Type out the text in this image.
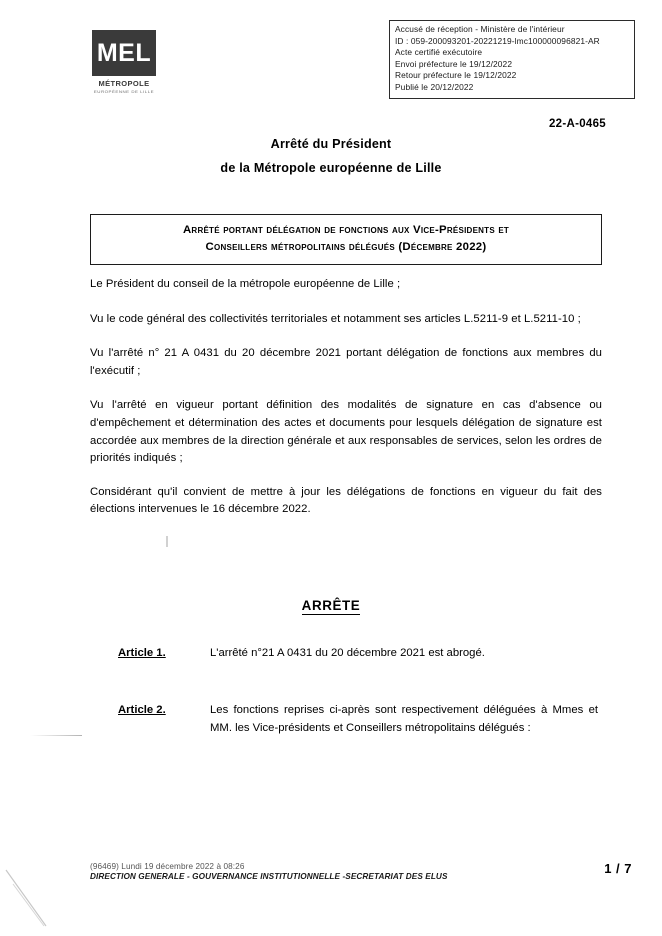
MEL
MÉTROPOLE
EUROPÉENNE DE LILLE
Accusé de réception - Ministère de l'intérieur
ID : 059-200093201-20221219-lmc100000096821-AR
Acte certifié exécutoire
Envoi préfecture le 19/12/2022
Retour préfecture le 19/12/2022
Publié le 20/12/2022
22-A-0465
Arrêté du Président
de la Métropole européenne de Lille
Arrêté portant délégation de fonctions aux Vice-Présidents et
Conseillers métropolitains délégués (Décembre 2022)

Le Président du conseil de la métropole européenne de Lille ;

Vu le code général des collectivités territoriales et notamment ses articles L.5211-9 et L.5211-10 ;

Vu l'arrêté n° 21 A 0431 du 20 décembre 2021 portant délégation de fonctions aux membres du l'exécutif ;

Vu l'arrêté en vigueur portant définition des modalités de signature en cas d'absence ou d'empêchement et détermination des actes et documents pour lesquels délégation de signature est accordée aux membres de la direction générale et aux responsables de services, selon les ordres de priorités indiqués ;

Considérant qu'il convient de mettre à jour les délégations de fonctions en vigueur du fait des élections intervenues le 16 décembre 2022.

ARRÊTE
Article 1.	L'arrêté n°21 A 0431 du 20 décembre 2021 est abrogé.
Article 2.	Les fonctions reprises ci-après sont respectivement déléguées à Mmes et MM. les Vice-présidents et Conseillers métropolitains délégués :
(96469) Lundi 19 décembre 2022 à 08:26
DIRECTION GENERALE - GOUVERNANCE INSTITUTIONNELLE -SECRETARIAT DES ELUS
1 / 7
